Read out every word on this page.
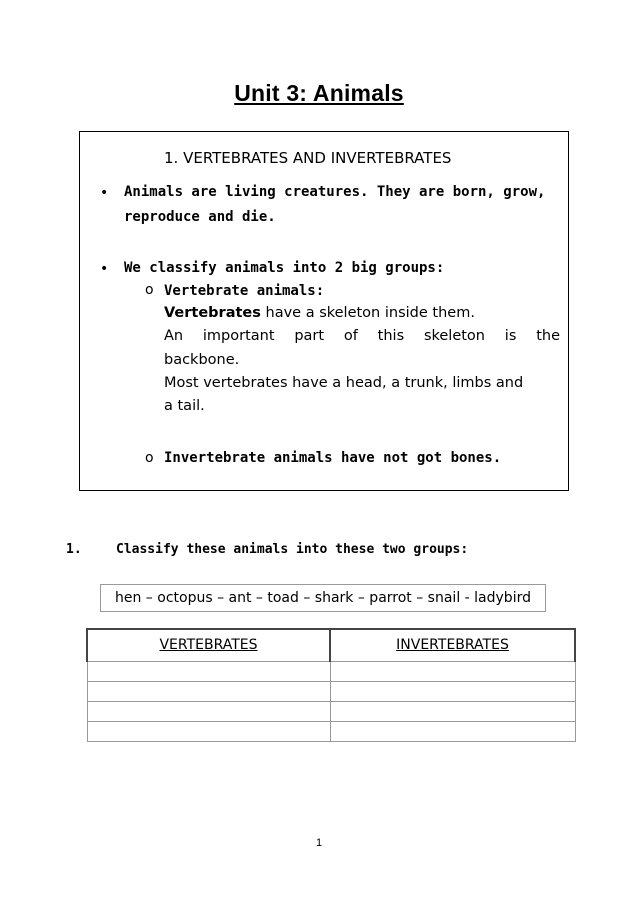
Unit 3: Animals
1. VERTEBRATES AND INVERTEBRATES
• Animals are living creatures. They are born, grow, reproduce and die.
• We classify animals into 2 big groups:
o Vertebrate animals:
Vertebrates have a skeleton inside them.
An important part of this skeleton is the
backbone.
Most vertebrates have a head, a trunk, limbs and
a tail.
o Invertebrate animals have not got bones.
1.	Classify these animals into these two groups:
hen – octopus – ant – toad – shark – parrot – snail - ladybird
VERTEBRATES	INVERTEBRATES

1
